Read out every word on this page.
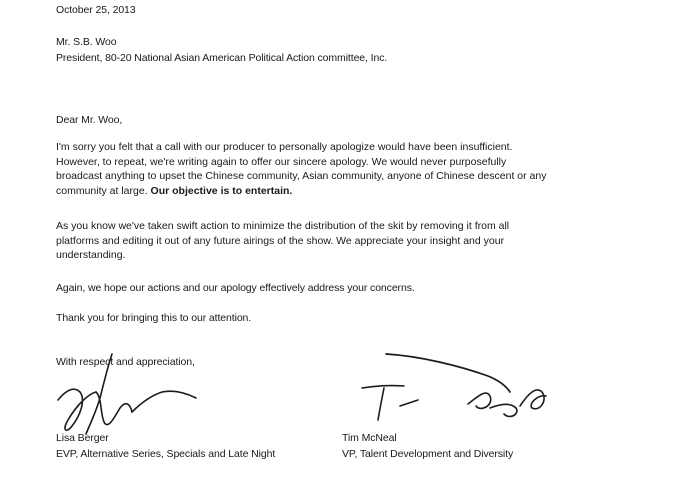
October 25, 2013
Mr. S.B. Woo
President, 80-20 National Asian American Political Action committee, Inc.
Dear Mr. Woo,
I'm sorry you felt that a call with our producer to personally apologize would have been insufficient.
However, to repeat, we're writing again to offer our sincere apology. We would never purposefully
broadcast anything to upset the Chinese community, Asian community, anyone of Chinese descent or any
community at large. Our objective is to entertain.
As you know we've taken swift action to minimize the distribution of the skit by removing it from all
platforms and editing it out of any future airings of the show. We appreciate your insight and your
understanding.
Again, we hope our actions and our apology effectively address your concerns.
Thank you for bringing this to our attention.
With respect and appreciation,
Lisa Berger
EVP, Alternative Series, Specials and Late Night
Tim McNeal
VP, Talent Development and Diversity
